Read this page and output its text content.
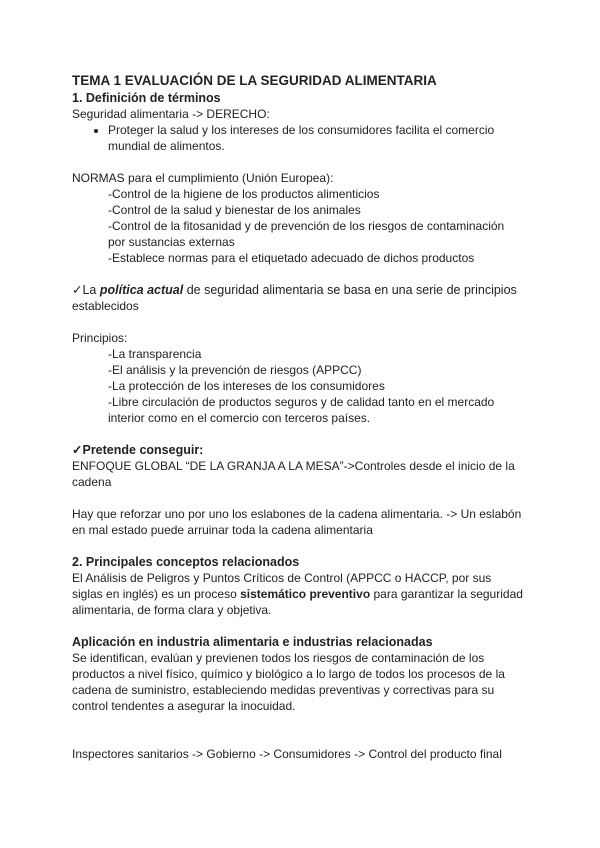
TEMA 1 EVALUACIÓN DE LA SEGURIDAD ALIMENTARIA

1. Definición de términos

Seguridad alimentaria -> DERECHO:

• Proteger la salud y los intereses de los consumidores facilita el comercio mundial de alimentos.

NORMAS para el cumplimiento (Unión Europea):

-Control de la higiene de los productos alimenticios

-Control de la salud y bienestar de los animales

-Control de la fitosanidad y de prevención de los riesgos de contaminación

por sustancias externas

-Establece normas para el etiquetado adecuado de dichos productos

✓La política actual de seguridad alimentaria se basa en una serie de principios

establecidos

Principios:

-La transparencia

-El análisis y la prevención de riesgos (APPCC)

-La protección de los intereses de los consumidores

-Libre circulación de productos seguros y de calidad tanto en el mercado

interior como en el comercio con terceros países.

✓Pretende conseguir:

ENFOQUE GLOBAL “DE LA GRANJA A LA MESA”->Controles desde el inicio de la

cadena

Hay que reforzar uno por uno los eslabones de la cadena alimentaria. -> Un eslabón

en mal estado puede arruinar toda la cadena alimentaria

2. Principales conceptos relacionados

El Análisis de Peligros y Puntos Críticos de Control (APPCC o HACCP, por sus

siglas en inglés) es un proceso sistemático preventivo para garantizar la seguridad

alimentaria, de forma clara y objetiva.

Aplicación en industria alimentaria e industrias relacionadas

Se identifican, evalúan y previenen todos los riesgos de contaminación de los

productos a nivel físico, químico y biológico a lo largo de todos los procesos de la

cadena de suministro, estableciendo medidas preventivas y correctivas para su

control tendentes a asegurar la inocuidad.

Inspectores sanitarios -> Gobierno -> Consumidores -> Control del producto final
